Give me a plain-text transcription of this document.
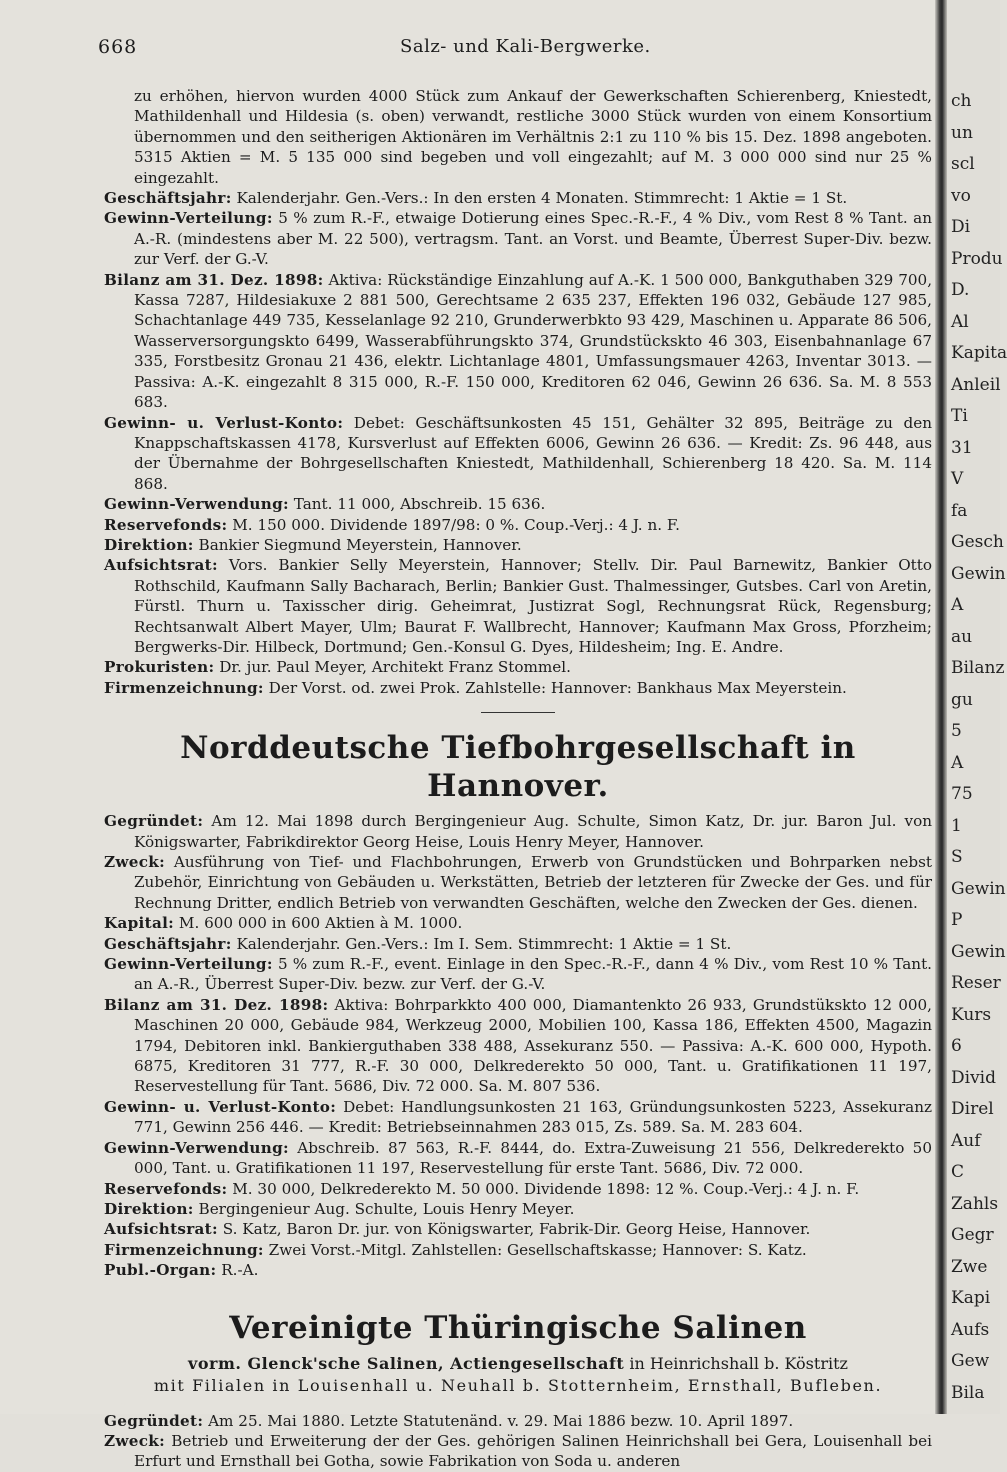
668	Salz- und Kali-Bergwerke.

zu erhöhen, hiervon wurden 4000 Stück zum Ankauf der Gewerkschaften Schierenberg, Kniestedt, Mathildenhall und Hildesia (s. oben) verwandt, restliche 3000 Stück wurden von einem Konsortium übernommen und den seitherigen Aktionären im Verhältnis 2:1 zu 110 % bis 15. Dez. 1898 angeboten. 5315 Aktien = M. 5 135 000 sind begeben und voll eingezahlt; auf M. 3 000 000 sind nur 25 % eingezahlt.

Geschäftsjahr: Kalenderjahr. Gen.-Vers.: In den ersten 4 Monaten. Stimmrecht: 1 Aktie = 1 St.

Gewinn-Verteilung: 5 % zum R.-F., etwaige Dotierung eines Spec.-R.-F., 4 % Div., vom Rest 8 % Tant. an A.-R. (mindestens aber M. 22 500), vertragsm. Tant. an Vorst. und Beamte, Überrest Super-Div. bezw. zur Verf. der G.-V.

Bilanz am 31. Dez. 1898: Aktiva: Rückständige Einzahlung auf A.-K. 1 500 000, Bankguthaben 329 700, Kassa 7287, Hildesiakuxe 2 881 500, Gerechtsame 2 635 237, Effekten 196 032, Gebäude 127 985, Schachtanlage 449 735, Kesselanlage 92 210, Grunderwerbkto 93 429, Maschinen u. Apparate 86 506, Wasserversorgungskto 6499, Wasserabführungskto 374, Grundstückskto 46 303, Eisenbahnanlage 67 335, Forstbesitz Gronau 21 436, elektr. Lichtanlage 4801, Umfassungsmauer 4263, Inventar 3013. — Passiva: A.-K. eingezahlt 8 315 000, R.-F. 150 000, Kreditoren 62 046, Gewinn 26 636. Sa. M. 8 553 683.

Gewinn- u. Verlust-Konto: Debet: Geschäftsunkosten 45 151, Gehälter 32 895, Beiträge zu den Knappschaftskassen 4178, Kursverlust auf Effekten 6006, Gewinn 26 636. — Kredit: Zs. 96 448, aus der Übernahme der Bohrgesellschaften Kniestedt, Mathildenhall, Schierenberg 18 420. Sa. M. 114 868.

Gewinn-Verwendung: Tant. 11 000, Abschreib. 15 636.

Reservefonds: M. 150 000. Dividende 1897/98: 0 %. Coup.-Verj.: 4 J. n. F.

Direktion: Bankier Siegmund Meyerstein, Hannover.

Aufsichtsrat: Vors. Bankier Selly Meyerstein, Hannover; Stellv. Dir. Paul Barnewitz, Bankier Otto Rothschild, Kaufmann Sally Bacharach, Berlin; Bankier Gust. Thalmessinger, Gutsbes. Carl von Aretin, Fürstl. Thurn u. Taxisscher dirig. Geheimrat, Justizrat Sogl, Rechnungsrat Rück, Regensburg; Rechtsanwalt Albert Mayer, Ulm; Baurat F. Wallbrecht, Hannover; Kaufmann Max Gross, Pforzheim; Bergwerks-Dir. Hilbeck, Dortmund; Gen.-Konsul G. Dyes, Hildesheim; Ing. E. Andre.

Prokuristen: Dr. jur. Paul Meyer, Architekt Franz Stommel.

Firmenzeichnung: Der Vorst. od. zwei Prok. Zahlstelle: Hannover: Bankhaus Max Meyerstein.

Norddeutsche Tiefbohrgesellschaft in Hannover.

Gegründet: Am 12. Mai 1898 durch Bergingenieur Aug. Schulte, Simon Katz, Dr. jur. Baron Jul. von Königswarter, Fabrikdirektor Georg Heise, Louis Henry Meyer, Hannover.

Zweck: Ausführung von Tief- und Flachbohrungen, Erwerb von Grundstücken und Bohrparken nebst Zubehör, Einrichtung von Gebäuden u. Werkstätten, Betrieb der letzteren für Zwecke der Ges. und für Rechnung Dritter, endlich Betrieb von verwandten Geschäften, welche den Zwecken der Ges. dienen.

Kapital: M. 600 000 in 600 Aktien à M. 1000.

Geschäftsjahr: Kalenderjahr. Gen.-Vers.: Im I. Sem. Stimmrecht: 1 Aktie = 1 St.

Gewinn-Verteilung: 5 % zum R.-F., event. Einlage in den Spec.-R.-F., dann 4 % Div., vom Rest 10 % Tant. an A.-R., Überrest Super-Div. bezw. zur Verf. der G.-V.

Bilanz am 31. Dez. 1898: Aktiva: Bohrparkkto 400 000, Diamantenkto 26 933, Grundstükskto 12 000, Maschinen 20 000, Gebäude 984, Werkzeug 2000, Mobilien 100, Kassa 186, Effekten 4500, Magazin 1794, Debitoren inkl. Bankierguthaben 338 488, Assekuranz 550. — Passiva: A.-K. 600 000, Hypoth. 6875, Kreditoren 31 777, R.-F. 30 000, Delkrederekto 50 000, Tant. u. Gratifikationen 11 197, Reservestellung für Tant. 5686, Div. 72 000. Sa. M. 807 536.

Gewinn- u. Verlust-Konto: Debet: Handlungsunkosten 21 163, Gründungsunkosten 5223, Assekuranz 771, Gewinn 256 446. — Kredit: Betriebseinnahmen 283 015, Zs. 589. Sa. M. 283 604.

Gewinn-Verwendung: Abschreib. 87 563, R.-F. 8444, do. Extra-Zuweisung 21 556, Delkrederekto 50 000, Tant. u. Gratifikationen 11 197, Reservestellung für erste Tant. 5686, Div. 72 000.

Reservefonds: M. 30 000, Delkrederekto M. 50 000. Dividende 1898: 12 %. Coup.-Verj.: 4 J. n. F.

Direktion: Bergingenieur Aug. Schulte, Louis Henry Meyer.

Aufsichtsrat: S. Katz, Baron Dr. jur. von Königswarter, Fabrik-Dir. Georg Heise, Hannover.

Firmenzeichnung: Zwei Vorst.-Mitgl. Zahlstellen: Gesellschaftskasse; Hannover: S. Katz.

Publ.-Organ: R.-A.

Vereinigte Thüringische Salinen

vorm. Glenck'sche Salinen, Actiengesellschaft in Heinrichshall b. Köstritz

mit Filialen in Louisenhall u. Neuhall b. Stotternheim, Ernsthall, Bufleben.

Gegründet: Am 25. Mai 1880. Letzte Statutenänd. v. 29. Mai 1886 bezw. 10. April 1897.

Zweck: Betrieb und Erweiterung der der Ges. gehörigen Salinen Heinrichshall bei Gera, Louisenhall bei Erfurt und Ernsthall bei Gotha, sowie Fabrikation von Soda u. anderen

ch
un
scl
vo
Di
Produ
D.
Al
Kapita
Anleil
Ti
31
V
fa
Gesch
Gewin
A
au
Bilanz
gu
5
A
75
1
S
Gewin
P
Gewin
Reser
Kurs
6
Divid
Direl
Auf
C
Zahls
Gegr
Zwe
Kapi
Aufs
Gew
Bila
